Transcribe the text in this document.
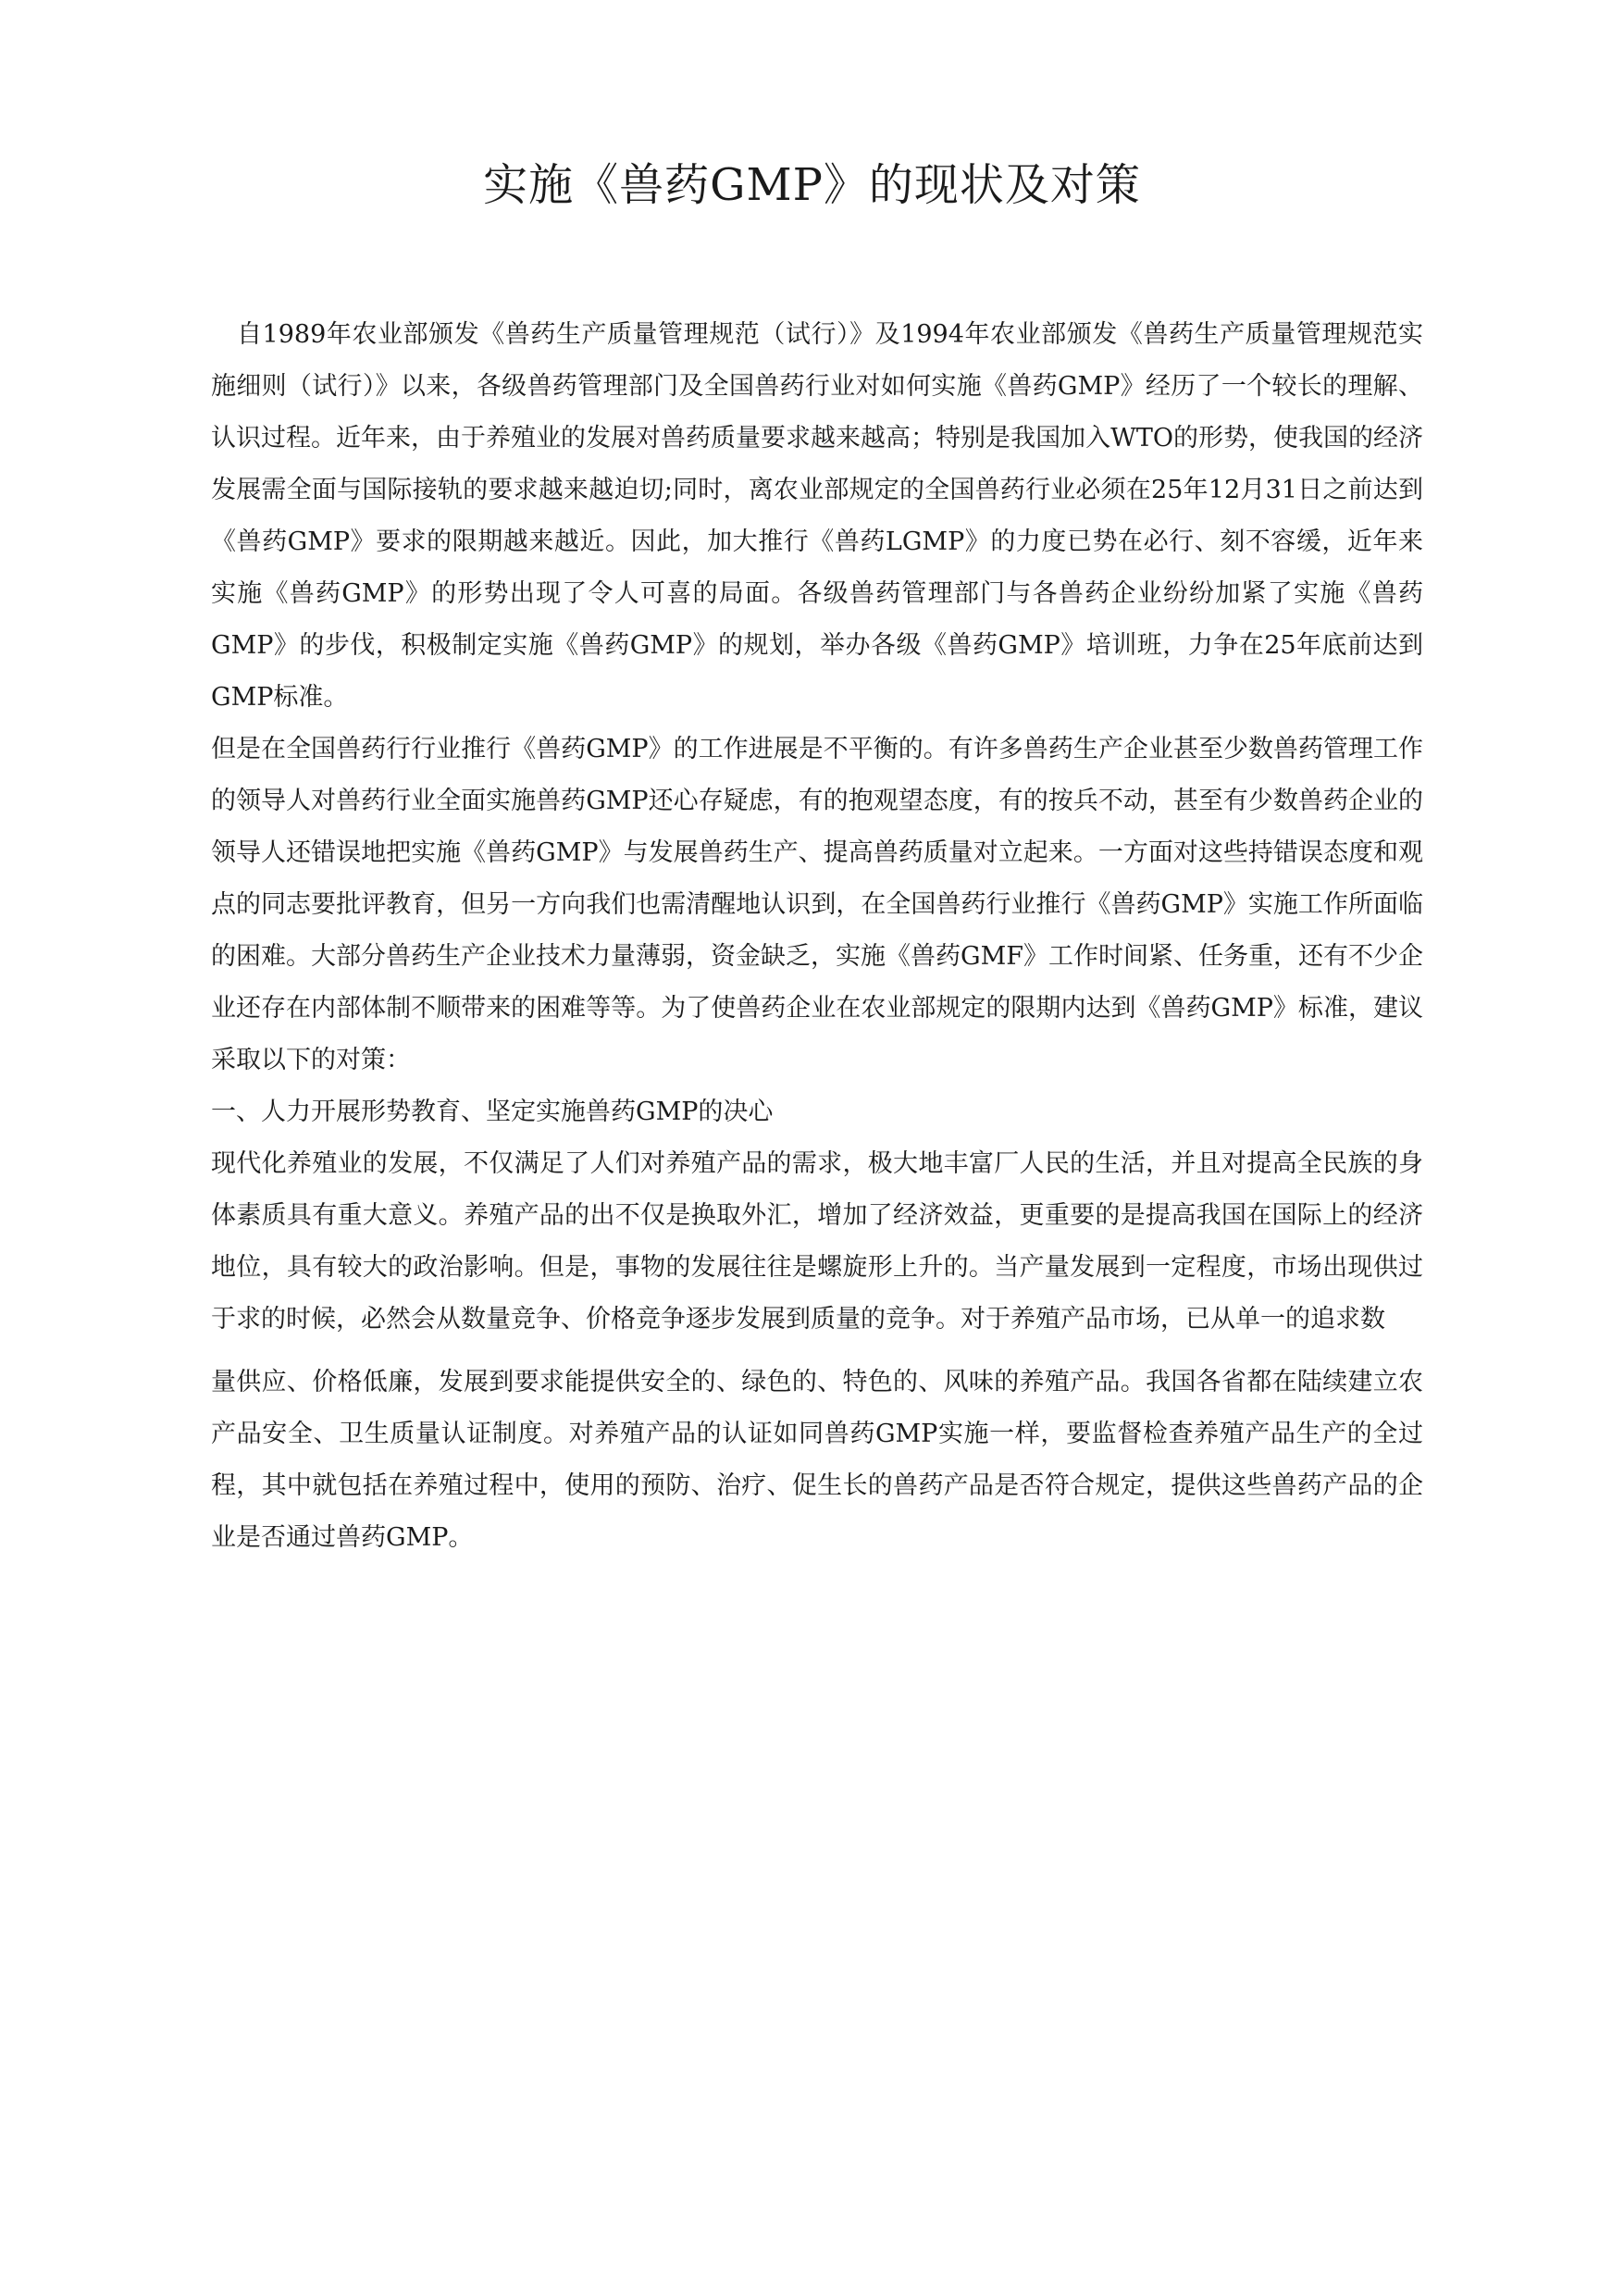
实施《兽药GMP》的现状及对策

自1989年农业部颁发《兽药生产质量管理规范（试行）》及1994年农业部颁发《兽药生产质量管理规范实施细则（试行）》以来，各级兽药管理部门及全国兽药行业对如何实施《兽药GMP》经历了一个较长的理解、认识过程。近年来，由于养殖业的发展对兽药质量要求越来越高；特别是我国加入WTO的形势，使我国的经济发展需全面与国际接轨的要求越来越迫切;同时，离农业部规定的全国兽药行业必须在25年12月31日之前达到《兽药GMP》要求的限期越来越近。因此，加大推行《兽药LGMP》的力度已势在必行、刻不容缓，近年来实施《兽药GMP》的形势出现了令人可喜的局面。各级兽药管理部门与各兽药企业纷纷加紧了实施《兽药GMP》的步伐，积极制定实施《兽药GMP》的规划，举办各级《兽药GMP》培训班，力争在25年底前达到GMP标准。

但是在全国兽药行行业推行《兽药GMP》的工作进展是不平衡的。有许多兽药生产企业甚至少数兽药管理工作的领导人对兽药行业全面实施兽药GMP还心存疑虑，有的抱观望态度，有的按兵不动，甚至有少数兽药企业的领导人还错误地把实施《兽药GMP》与发展兽药生产、提高兽药质量对立起来。一方面对这些持错误态度和观点的同志要批评教育，但另一方向我们也需清醒地认识到，在全国兽药行业推行《兽药GMP》实施工作所面临的困难。大部分兽药生产企业技术力量薄弱，资金缺乏，实施《兽药GMF》工作时间紧、任务重，还有不少企业还存在内部体制不顺带来的困难等等。为了使兽药企业在农业部规定的限期内达到《兽药GMP》标准，建议采取以下的对策：

一、人力开展形势教育、坚定实施兽药GMP的决心

现代化养殖业的发展，不仅满足了人们对养殖产品的需求，极大地丰富厂人民的生活，并且对提高全民族的身体素质具有重大意义。养殖产品的出不仅是换取外汇，增加了经济效益，更重要的是提高我国在国际上的经济地位，具有较大的政治影响。但是，事物的发展往往是螺旋形上升的。当产量发展到一定程度，市场出现供过于求的时候，必然会从数量竞争、价格竞争逐步发展到质量的竞争。对于养殖产品市场，已从单一的追求数

量供应、价格低廉，发展到要求能提供安全的、绿色的、特色的、风味的养殖产品。我国各省都在陆续建立农产品安全、卫生质量认证制度。对养殖产品的认证如同兽药GMP实施一样，要监督检查养殖产品生产的全过程，其中就包括在养殖过程中，使用的预防、治疗、促生长的兽药产品是否符合规定，提供这些兽药产品的企业是否通过兽药GMP。
